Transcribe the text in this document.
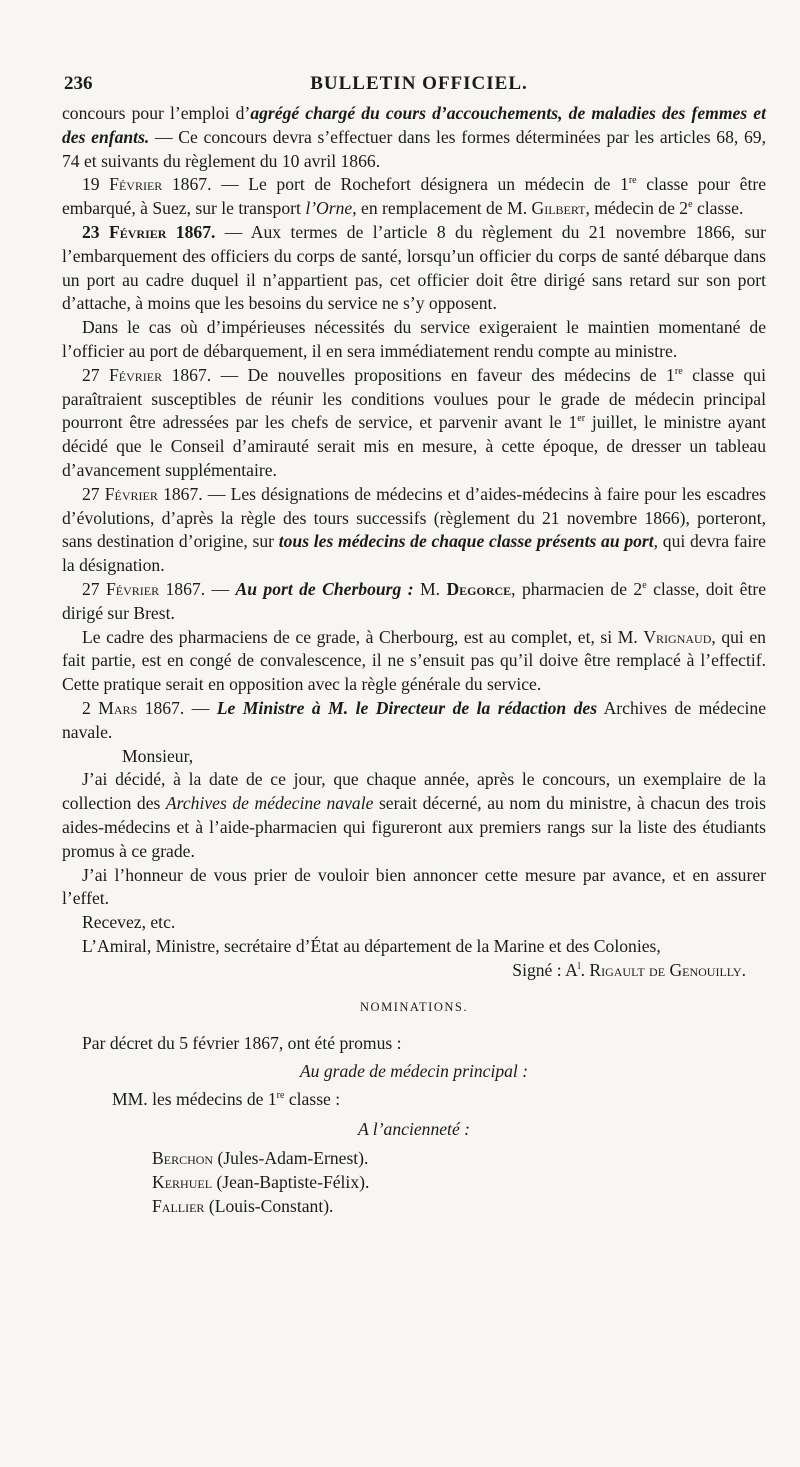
236	BULLETIN OFFICIEL.

concours pour l’emploi d’agrégé chargé du cours d’accouchements, de maladies des femmes et des enfants. — Ce concours devra s’effectuer dans les formes déterminées par les articles 68, 69, 74 et suivants du règlement du 10 avril 1866.

19 Février 1867. — Le port de Rochefort désignera un médecin de 1re classe pour être embarqué, à Suez, sur le transport l’Orne, en remplacement de M. Gilbert, médecin de 2e classe.

23 Février 1867. — Aux termes de l’article 8 du règlement du 21 novembre 1866, sur l’embarquement des officiers du corps de santé, lorsqu’un officier du corps de santé débarque dans un port au cadre duquel il n’appartient pas, cet officier doit être dirigé sans retard sur son port d’attache, à moins que les besoins du service ne s’y opposent.

Dans le cas où d’impérieuses nécessités du service exigeraient le maintien momentané de l’officier au port de débarquement, il en sera immédiatement rendu compte au ministre.

27 Février 1867. — De nouvelles propositions en faveur des médecins de 1re classe qui paraîtraient susceptibles de réunir les conditions voulues pour le grade de médecin principal pourront être adressées par les chefs de service, et parvenir avant le 1er juillet, le ministre ayant décidé que le Conseil d’amirauté serait mis en mesure, à cette époque, de dresser un tableau d’avancement supplémentaire.

27 Février 1867. — Les désignations de médecins et d’aides-médecins à faire pour les escadres d’évolutions, d’après la règle des tours successifs (règlement du 21 novembre 1866), porteront, sans destination d’origine, sur tous les médecins de chaque classe présents au port, qui devra faire la désignation.

27 Février 1867. — Au port de Cherbourg : M. Degorce, pharmacien de 2e classe, doit être dirigé sur Brest.

Le cadre des pharmaciens de ce grade, à Cherbourg, est au complet, et, si M. Vrignaud, qui en fait partie, est en congé de convalescence, il ne s’ensuit pas qu’il doive être remplacé à l’effectif. Cette pratique serait en opposition avec la règle générale du service.

2 Mars 1867. — Le Ministre à M. le Directeur de la rédaction des Archives de médecine navale.

Monsieur,

J’ai décidé, à la date de ce jour, que chaque année, après le concours, un exemplaire de la collection des Archives de médecine navale serait décerné, au nom du ministre, à chacun des trois aides-médecins et à l’aide-pharmacien qui figureront aux premiers rangs sur la liste des étudiants promus à ce grade.

J’ai l’honneur de vous prier de vouloir bien annoncer cette mesure par avance, et en assurer l’effet.

Recevez, etc.

L’Amiral, Ministre, secrétaire d’État au département de la Marine et des Colonies,

Signé : $A^l$. Rigault de Genouilly.

NOMINATIONS.

Par décret du 5 février 1867, ont été promus :

Au grade de médecin principal :

MM. les médecins de 1re classe :

A l’ancienneté :

Berchon (Jules-Adam-Ernest).

Kerhuel (Jean-Baptiste-Félix).

Fallier (Louis-Constant).
